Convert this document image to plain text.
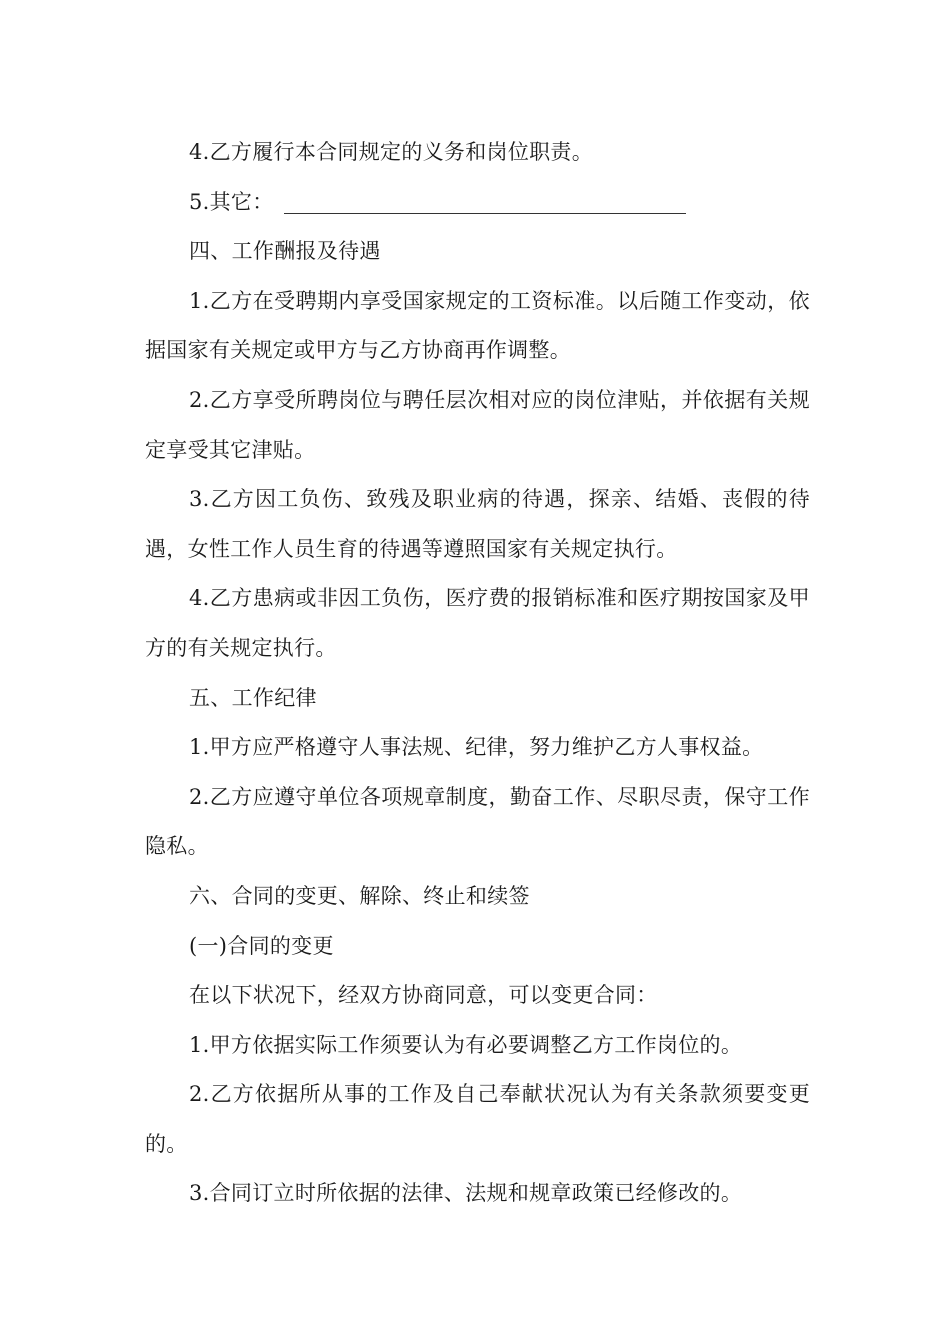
4.乙方履行本合同规定的义务和岗位职责。

5.其它：

四、工作酬报及待遇

1.乙方在受聘期内享受国家规定的工资标准。以后随工作变动，依据国家有关规定或甲方与乙方协商再作调整。

2.乙方享受所聘岗位与聘任层次相对应的岗位津贴，并依据有关规定享受其它津贴。

3.乙方因工负伤、致残及职业病的待遇，探亲、结婚、丧假的待遇，女性工作人员生育的待遇等遵照国家有关规定执行。

4.乙方患病或非因工负伤，医疗费的报销标准和医疗期按国家及甲方的有关规定执行。

五、工作纪律

1.甲方应严格遵守人事法规、纪律，努力维护乙方人事权益。

2.乙方应遵守单位各项规章制度，勤奋工作、尽职尽责，保守工作隐私。

六、合同的变更、解除、终止和续签

(一)合同的变更

在以下状况下，经双方协商同意，可以变更合同：

1.甲方依据实际工作须要认为有必要调整乙方工作岗位的。

2.乙方依据所从事的工作及自己奉献状况认为有关条款须要变更的。

3.合同订立时所依据的法律、法规和规章政策已经修改的。
